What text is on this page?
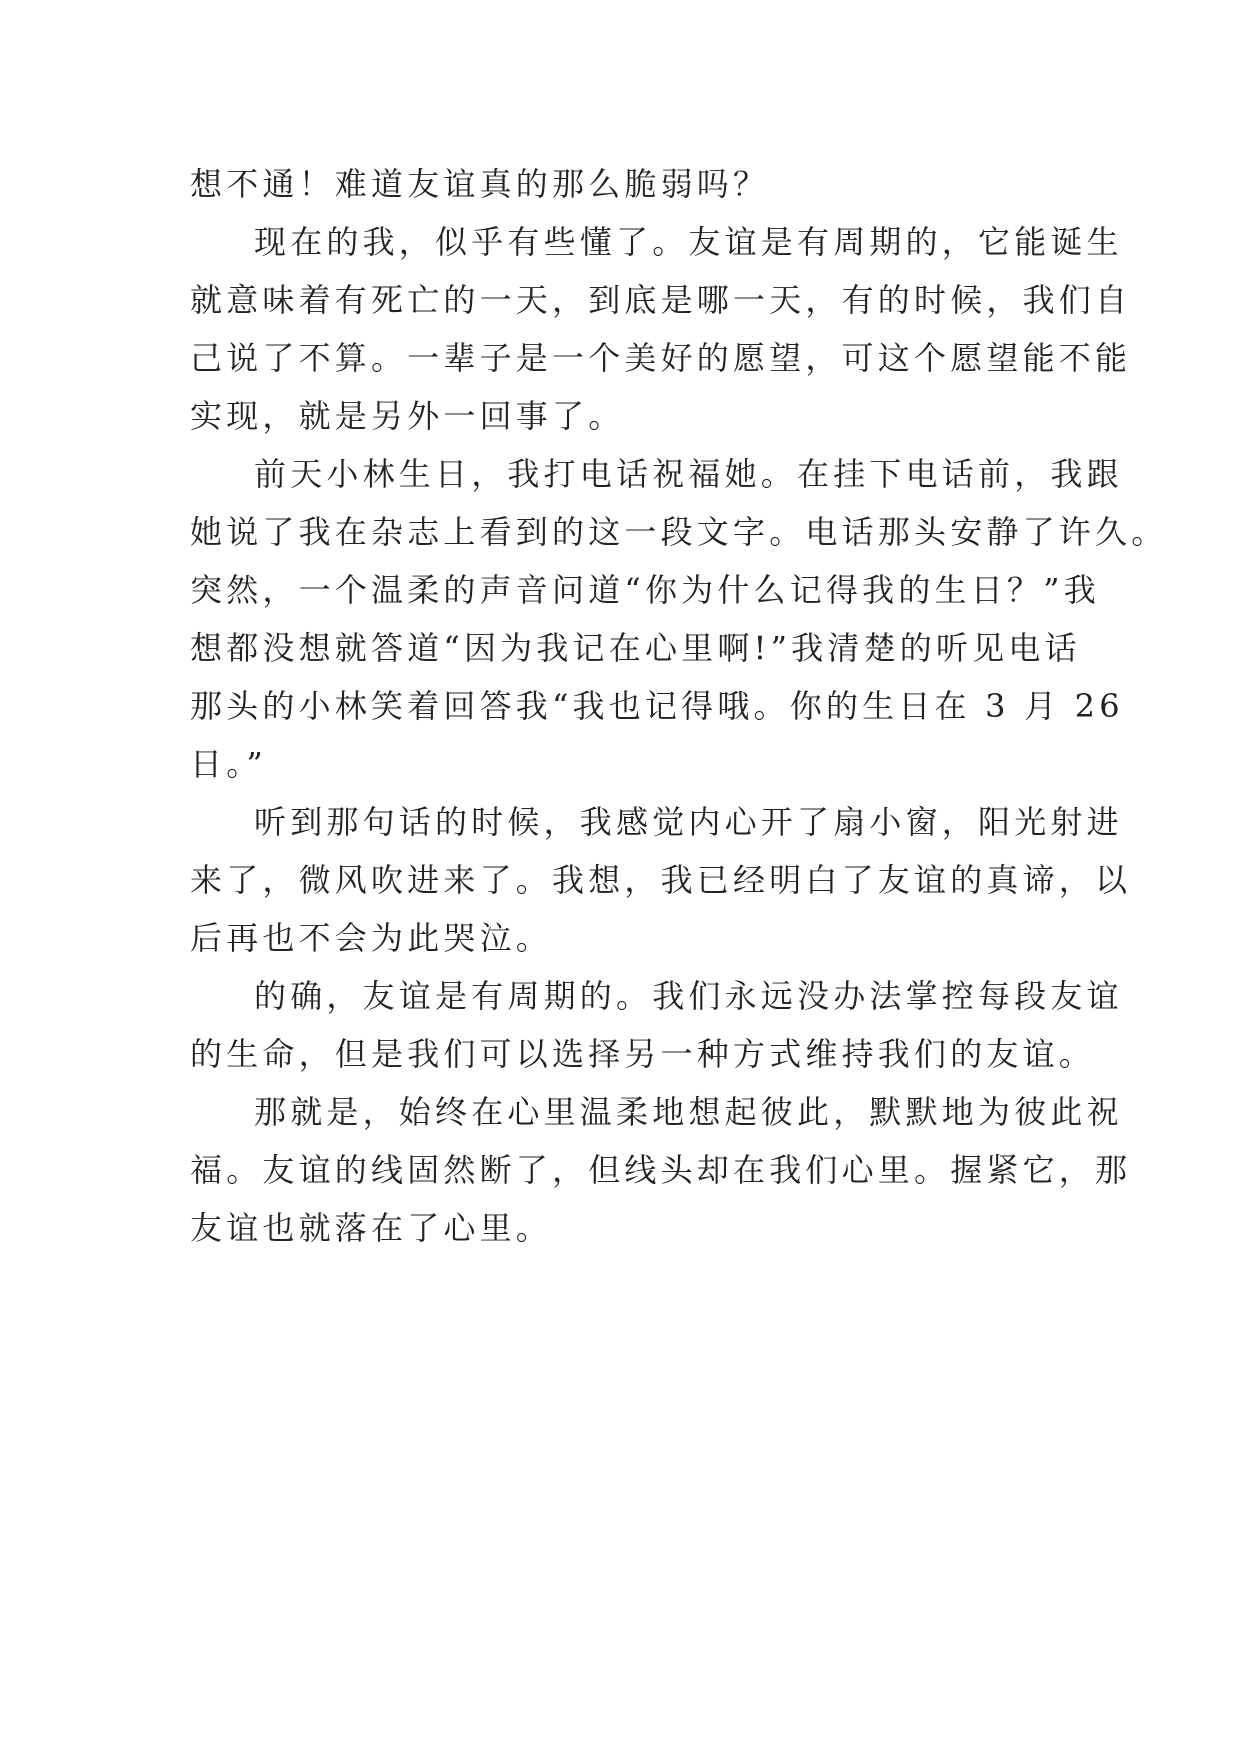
想不通！难道友谊真的那么脆弱吗？
现在的我，似乎有些懂了。友谊是有周期的，它能诞生
就意味着有死亡的一天，到底是哪一天，有的时候，我们自
己说了不算。一辈子是一个美好的愿望，可这个愿望能不能
实现，就是另外一回事了。
前天小林生日，我打电话祝福她。在挂下电话前，我跟
她说了我在杂志上看到的这一段文字。电话那头安静了许久。
突然，一个温柔的声音问道“你为什么记得我的生日？”我
想都没想就答道“因为我记在心里啊!”我清楚的听见电话
那头的小林笑着回答我“我也记得哦。你的生日在 3 月 26
日。”
听到那句话的时候，我感觉内心开了扇小窗，阳光射进
来了，微风吹进来了。我想，我已经明白了友谊的真谛，以
后再也不会为此哭泣。
的确，友谊是有周期的。我们永远没办法掌控每段友谊
的生命，但是我们可以选择另一种方式维持我们的友谊。
那就是，始终在心里温柔地想起彼此，默默地为彼此祝
福。友谊的线固然断了，但线头却在我们心里。握紧它，那
友谊也就落在了心里。
